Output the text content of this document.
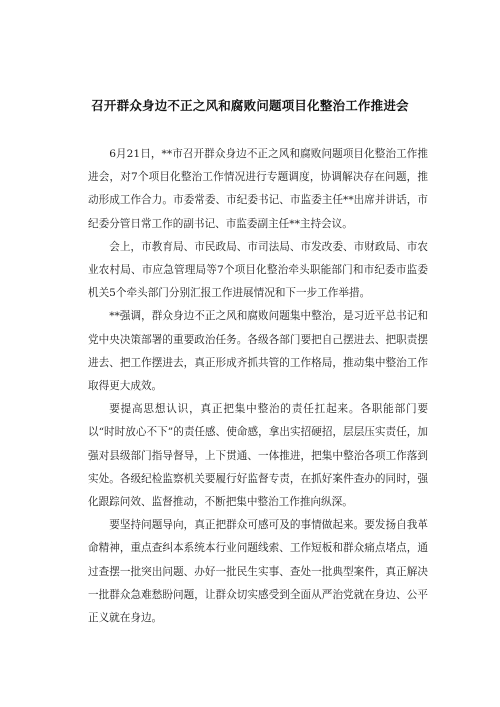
召开群众身边不正之风和腐败问题项目化整治工作推进会

6月21日，**市召开群众身边不正之风和腐败问题项目化整治工作推进会，对7个项目化整治工作情况进行专题调度，协调解决存在问题，推动形成工作合力。市委常委、市纪委书记、市监委主任**出席并讲话，市纪委分管日常工作的副书记、市监委副主任**主持会议。

会上，市教育局、市民政局、市司法局、市发改委、市财政局、市农业农村局、市应急管理局等7个项目化整治牵头职能部门和市纪委市监委机关5个牵头部门分别汇报工作进展情况和下一步工作举措。

**强调，群众身边不正之风和腐败问题集中整治，是习近平总书记和党中央决策部署的重要政治任务。各级各部门要把自己摆进去、把职责摆进去、把工作摆进去，真正形成齐抓共管的工作格局，推动集中整治工作取得更大成效。

要提高思想认识，真正把集中整治的责任扛起来。各职能部门要以“时时放心不下”的责任感、使命感，拿出实招硬招，层层压实责任，加强对县级部门指导督导，上下贯通、一体推进，把集中整治各项工作落到实处。各级纪检监察机关要履行好监督专责，在抓好案件查办的同时，强化跟踪问效、监督推动，不断把集中整治工作推向纵深。

要坚持问题导向，真正把群众可感可及的事情做起来。要发扬自我革命精神，重点查纠本系统本行业问题线索、工作短板和群众痛点堵点，通过查摆一批突出问题、办好一批民生实事、查处一批典型案件，真正解决一批群众急难愁盼问题，让群众切实感受到全面从严治党就在身边、公平正义就在身边。
